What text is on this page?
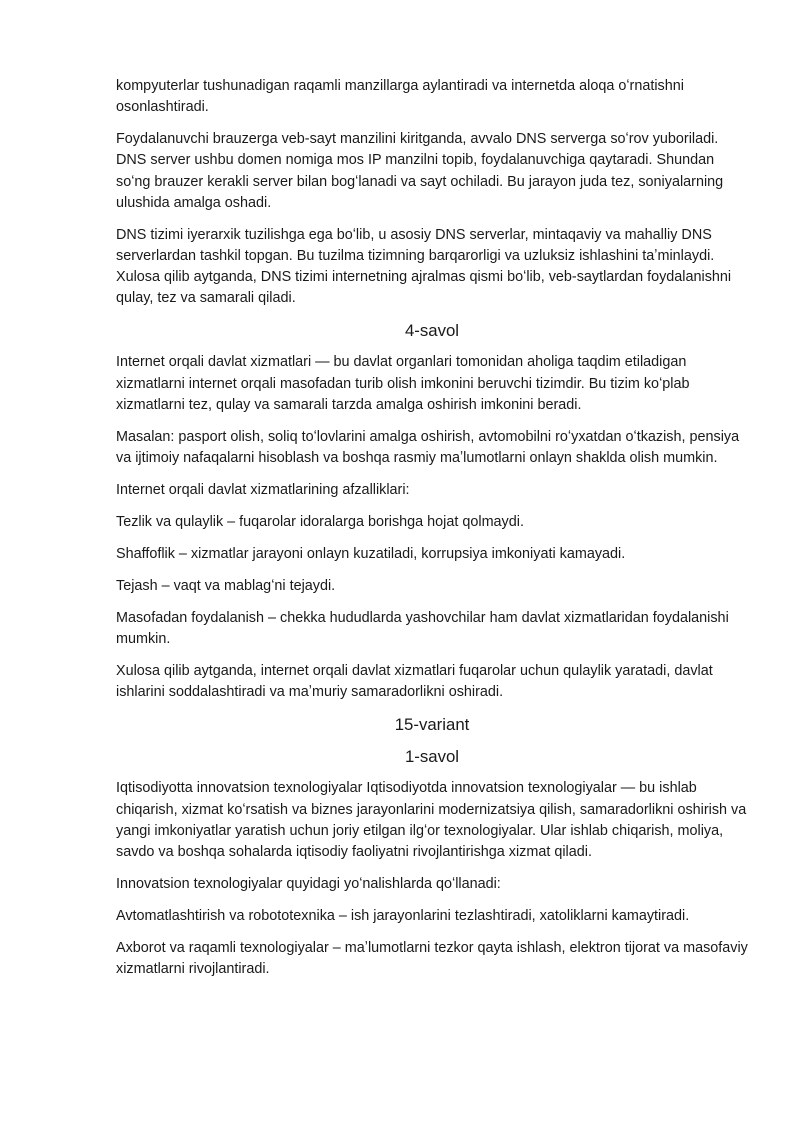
kompyuterlar tushunadigan raqamli manzillarga aylantiradi va internetda aloqa oʻrnatishni osonlashtiradi.

Foydalanuvchi brauzerga veb-sayt manzilini kiritganda, avvalo DNS serverga soʻrov yuboriladi. DNS server ushbu domen nomiga mos IP manzilni topib, foydalanuvchiga qaytaradi. Shundan soʻng brauzer kerakli server bilan bogʻlanadi va sayt ochiladi. Bu jarayon juda tez, soniyalarning ulushida amalga oshadi.

DNS tizimi iyerarxik tuzilishga ega boʻlib, u asosiy DNS serverlar, mintaqaviy va mahalliy DNS serverlardan tashkil topgan. Bu tuzilma tizimning barqarorligi va uzluksiz ishlashini taʼminlaydi. Xulosa qilib aytganda, DNS tizimi internetning ajralmas qismi boʻlib, veb-saytlardan foydalanishni qulay, tez va samarali qiladi.

4-savol

Internet orqali davlat xizmatlari — bu davlat organlari tomonidan aholiga taqdim etiladigan xizmatlarni internet orqali masofadan turib olish imkonini beruvchi tizimdir. Bu tizim koʻplab xizmatlarni tez, qulay va samarali tarzda amalga oshirish imkonini beradi.

Masalan: pasport olish, soliq toʻlovlarini amalga oshirish, avtomobilni roʻyxatdan oʻtkazish, pensiya va ijtimoiy nafaqalarni hisoblash va boshqa rasmiy maʼlumotlarni onlayn shaklda olish mumkin.

Internet orqali davlat xizmatlarining afzalliklari:

Tezlik va qulaylik – fuqarolar idoralarga borishga hojat qolmaydi.

Shaffoflik – xizmatlar jarayoni onlayn kuzatiladi, korrupsiya imkoniyati kamayadi.

Tejash – vaqt va mablagʻni tejaydi.

Masofadan foydalanish – chekka hududlarda yashovchilar ham davlat xizmatlaridan foydalanishi mumkin.

Xulosa qilib aytganda, internet orqali davlat xizmatlari fuqarolar uchun qulaylik yaratadi, davlat ishlarini soddalashtiradi va maʼmuriy samaradorlikni oshiradi.

15-variant
1-savol

Iqtisodiyotta innovatsion texnologiyalar Iqtisodiyotda innovatsion texnologiyalar — bu ishlab chiqarish, xizmat koʻrsatish va biznes jarayonlarini modernizatsiya qilish, samaradorlikni oshirish va yangi imkoniyatlar yaratish uchun joriy etilgan ilgʻor texnologiyalar. Ular ishlab chiqarish, moliya, savdo va boshqa sohalarda iqtisodiy faoliyatni rivojlantirishga xizmat qiladi.

Innovatsion texnologiyalar quyidagi yoʻnalishlarda qoʻllanadi:

Avtomatlashtirish va robototexnika – ish jarayonlarini tezlashtiradi, xatoliklarni kamaytiradi.

Axborot va raqamli texnologiyalar – maʼlumotlarni tezkor qayta ishlash, elektron tijorat va masofaviy xizmatlarni rivojlantiradi.
